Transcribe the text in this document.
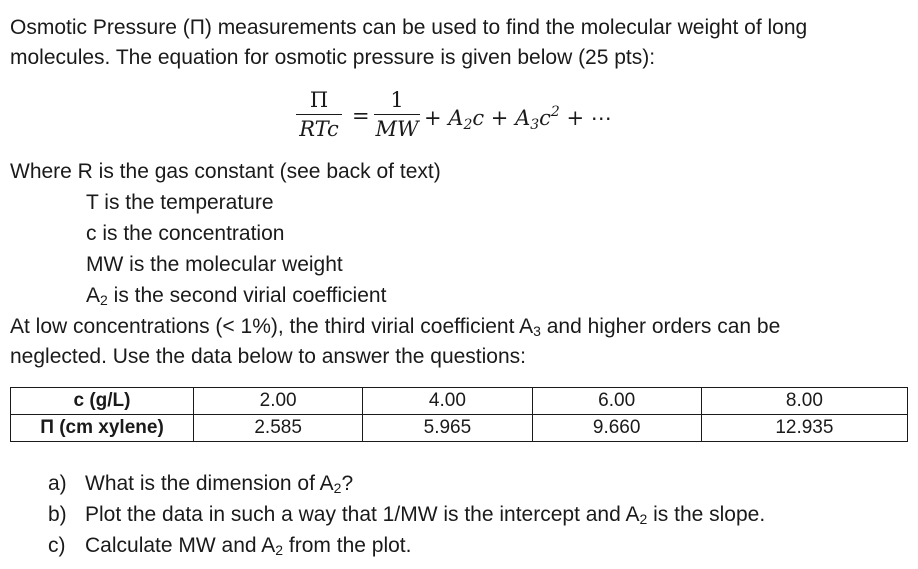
Osmotic Pressure (Π) measurements can be used to find the molecular weight of long
molecules. The equation for osmotic pressure is given below (25 pts):
Π
RTc
=
1
MW + $A_2c + A_3c^2$ + ⋯
Where R is the gas constant (see back of text)
T is the temperature
c is the concentration
MW is the molecular weight
$A_2$ is the second virial coefficient
At low concentrations (< 1%), the third virial coefficient $A_3$ and higher orders can be
neglected. Use the data below to answer the questions:
c (g/L)	2.00	4.00	6.00	8.00
Π (cm xylene)	2.585	5.965	9.660	12.935
a) What is the dimension of $A_2$?
b) Plot the data in such a way that 1/MW is the intercept and $A_2$ is the slope.
c) Calculate MW and $A_2$ from the plot.
